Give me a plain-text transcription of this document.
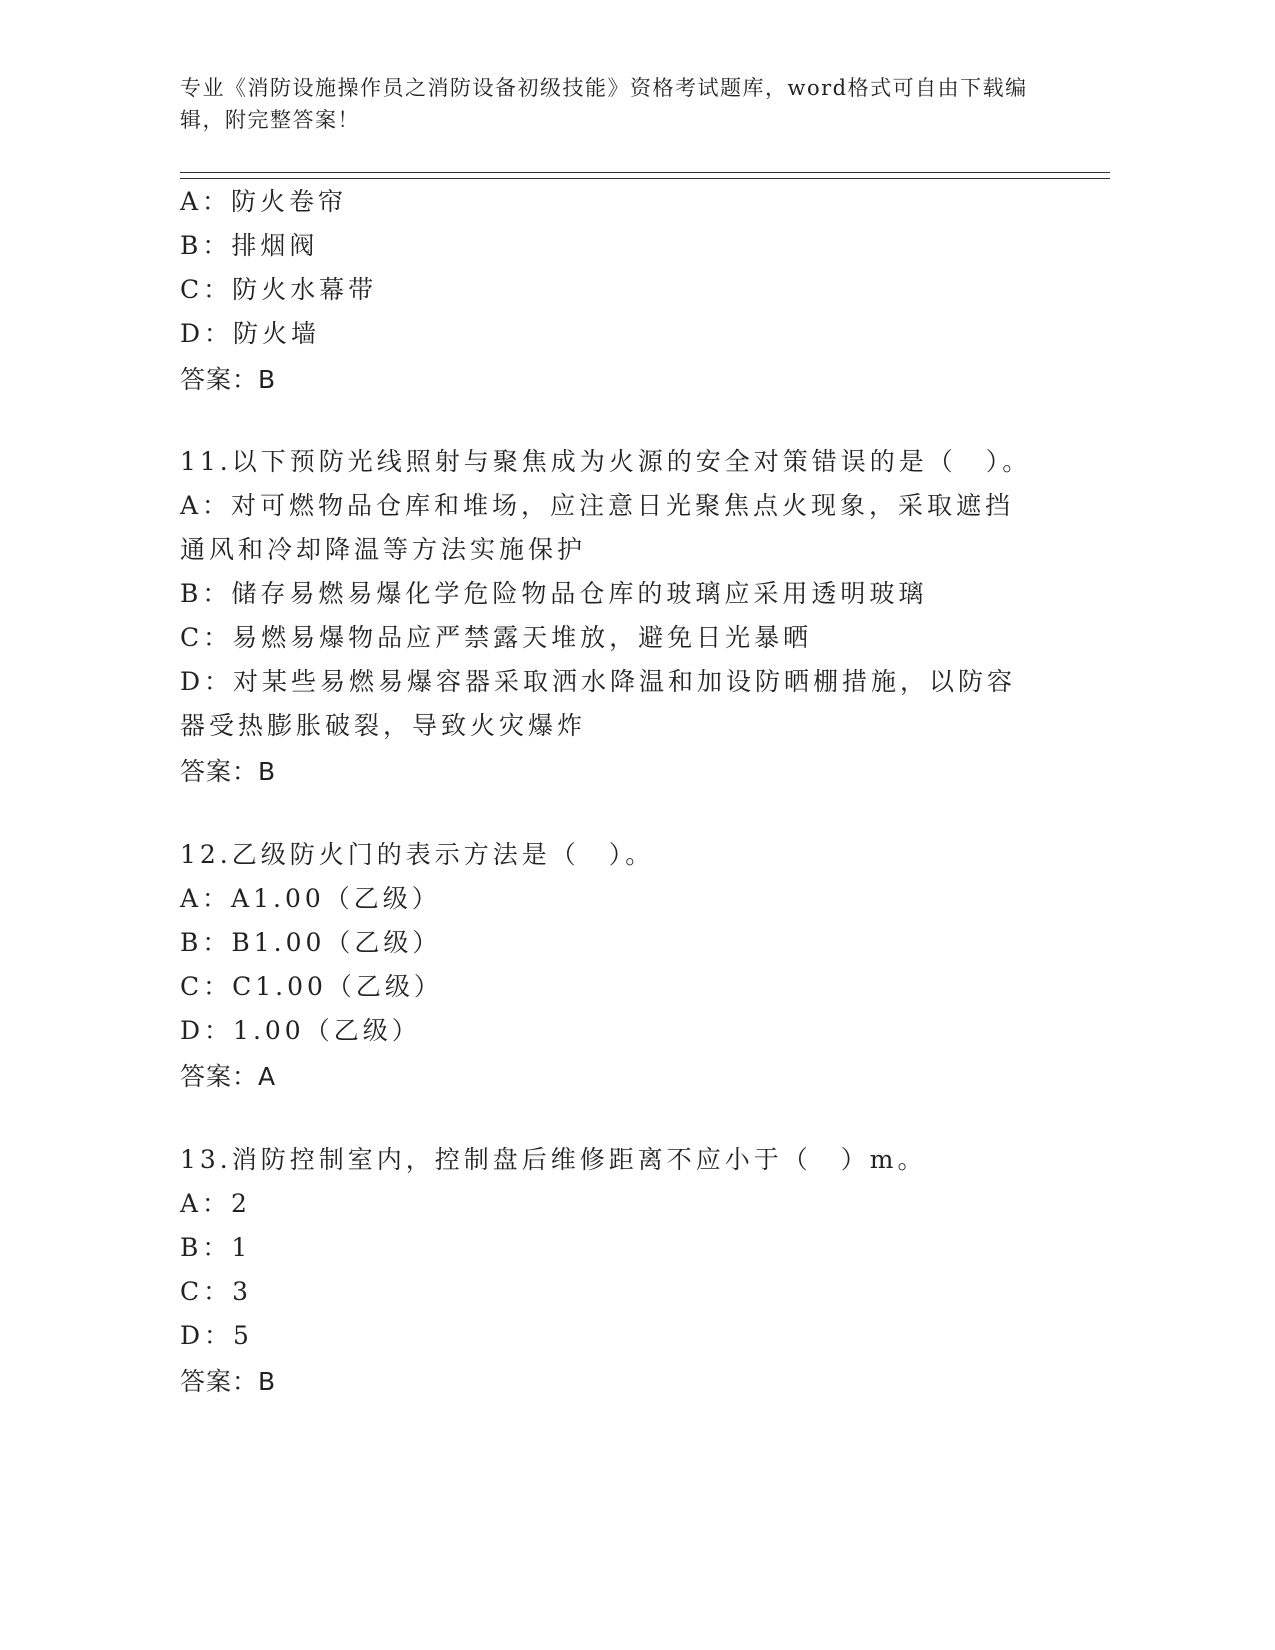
专业《消防设施操作员之消防设备初级技能》资格考试题库，word格式可自由下载编辑，附完整答案！
A：防火卷帘
B：排烟阀
C：防火水幕带
D：防火墙
答案：B
11.以下预防光线照射与聚焦成为火源的安全对策错误的是（　）。
A：对可燃物品仓库和堆场，应注意日光聚焦点火现象，采取遮挡通风和冷却降温等方法实施保护
B：储存易燃易爆化学危险物品仓库的玻璃应采用透明玻璃
C：易燃易爆物品应严禁露天堆放，避免日光暴晒
D：对某些易燃易爆容器采取洒水降温和加设防晒棚措施，以防容器受热膨胀破裂，导致火灾爆炸
答案：B
12.乙级防火门的表示方法是（　）。
A：A1.00（乙级）
B：B1.00（乙级）
C：C1.00（乙级）
D：1.00（乙级）
答案：A
13.消防控制室内，控制盘后维修距离不应小于（　）m。
A：2
B：1
C：3
D：5
答案：B
